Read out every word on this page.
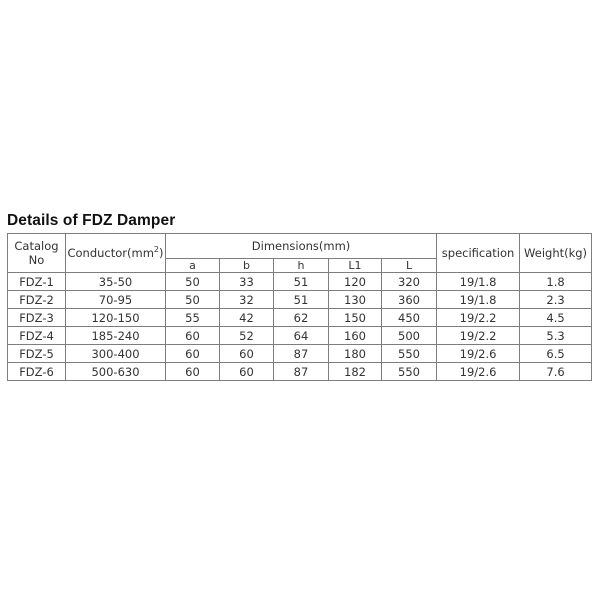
Details of FDZ Damper
Catalog
No	$Conductor(mm^2)$	Dimensions(mm)					specification	Weight(kg)
		a	b	h	L1	L		
FDZ-1	35-50	50	33	51	120	320	19/1.8	1.8
FDZ-2	70-95	50	32	51	130	360	19/1.8	2.3
FDZ-3	120-150	55	42	62	150	450	19/2.2	4.5
FDZ-4	185-240	60	52	64	160	500	19/2.2	5.3
FDZ-5	300-400	60	60	87	180	550	19/2.6	6.5
FDZ-6	500-630	60	60	87	182	550	19/2.6	7.6
